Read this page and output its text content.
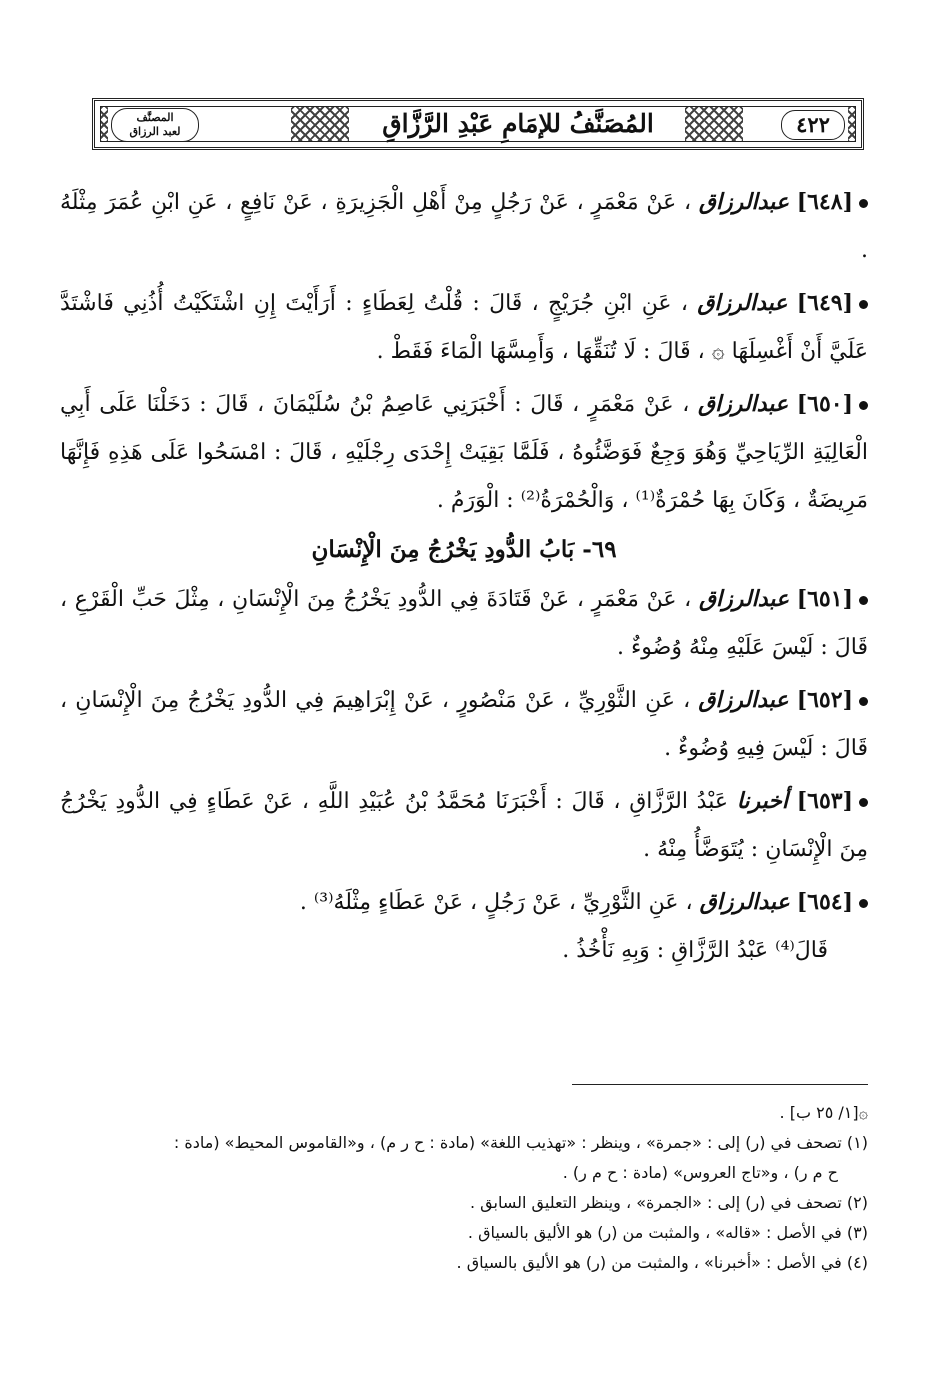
٤٢٢
المُصَنَّفُ للإمَامِ عَبْدِ الرَّزَّاقِ
المصنَّف
لعبد الرزاق

[٦٤٨] عبدالرزاق ، عَنْ مَعْمَرٍ ، عَنْ رَجُلٍ مِنْ أَهْلِ الْجَزِيرَةِ ، عَنْ نَافِعٍ ، عَنِ ابْنِ عُمَرَ مِثْلَهُ .

[٦٤٩] عبدالرزاق ، عَنِ ابْنِ جُرَيْجٍ ، قَالَ : قُلْتُ لِعَطَاءٍ : أَرَأَيْتَ إِنِ اشْتَكَيْتُ أُذُنِي فَاشْتَدَّ عَلَيَّ أَنْ أَغْسِلَهَا ۞ ، قَالَ : لَا تُنَقِّهَا ، وَأَمِسَّهَا الْمَاءَ فَقَطْ .

[٦٥٠] عبدالرزاق ، عَنْ مَعْمَرٍ ، قَالَ : أَخْبَرَنِي عَاصِمُ بْنُ سُلَيْمَانَ ، قَالَ : دَخَلْنَا عَلَى أَبِي الْعَالِيَةِ الرِّيَاحِيِّ وَهُوَ وَجِعٌ فَوَضَّئُوهُ ، فَلَمَّا بَقِيَتْ إِحْدَى رِجْلَيْهِ ، قَالَ : امْسَحُوا عَلَى هَذِهِ فَإِنَّهَا مَرِيضَةٌ ، وَكَانَ بِهَا حُمْرَةٌ⁽¹⁾ ، وَالْحُمْرَةُ⁽²⁾ : الْوَرَمُ .

٦٩- بَابُ الدُّودِ يَخْرُجُ مِنَ الْإِنْسَانِ

[٦٥١] عبدالرزاق ، عَنْ مَعْمَرٍ ، عَنْ قَتَادَةَ فِي الدُّودِ يَخْرُجُ مِنَ الْإِنْسَانِ ، مِثْلَ حَبِّ الْقَرْعِ ، قَالَ : لَيْسَ عَلَيْهِ مِنْهُ وُضُوءٌ .

[٦٥٢] عبدالرزاق ، عَنِ الثَّوْرِيِّ ، عَنْ مَنْصُورٍ ، عَنْ إِبْرَاهِيمَ فِي الدُّودِ يَخْرُجُ مِنَ الْإِنْسَانِ ، قَالَ : لَيْسَ فِيهِ وُضُوءٌ .

[٦٥٣] أخبرنا عَبْدُ الرَّزَّاقِ ، قَالَ : أَخْبَرَنَا مُحَمَّدُ بْنُ عُبَيْدِ اللَّهِ ، عَنْ عَطَاءٍ فِي الدُّودِ يَخْرُجُ مِنَ الْإِنْسَانِ : يُتَوَضَّأُ مِنْهُ .

[٦٥٤] عبدالرزاق ، عَنِ الثَّوْرِيِّ ، عَنْ رَجُلٍ ، عَنْ عَطَاءٍ مِثْلَهُ⁽³⁾ .

قَالَ⁽⁴⁾ عَبْدُ الرَّزَّاقِ : وَبِهِ نَأْخُذُ .

۞[١/ ٢٥ ب] .

(١) تصحف في (ر) إلى : «جمرة» ، وينظر : «تهذيب اللغة» (مادة : ح ر م) ، و«القاموس المحيط» (مادة :

ح م ر) ، و«تاج العروس» (مادة : ح م ر) .

(٢) تصحف في (ر) إلى : «الجمرة» ، وينظر التعليق السابق .

(٣) في الأصل : «قاله» ، والمثبت من (ر) هو الأليق بالسياق .

(٤) في الأصل : «أخبرنا» ، والمثبت من (ر) هو الأليق بالسياق .
